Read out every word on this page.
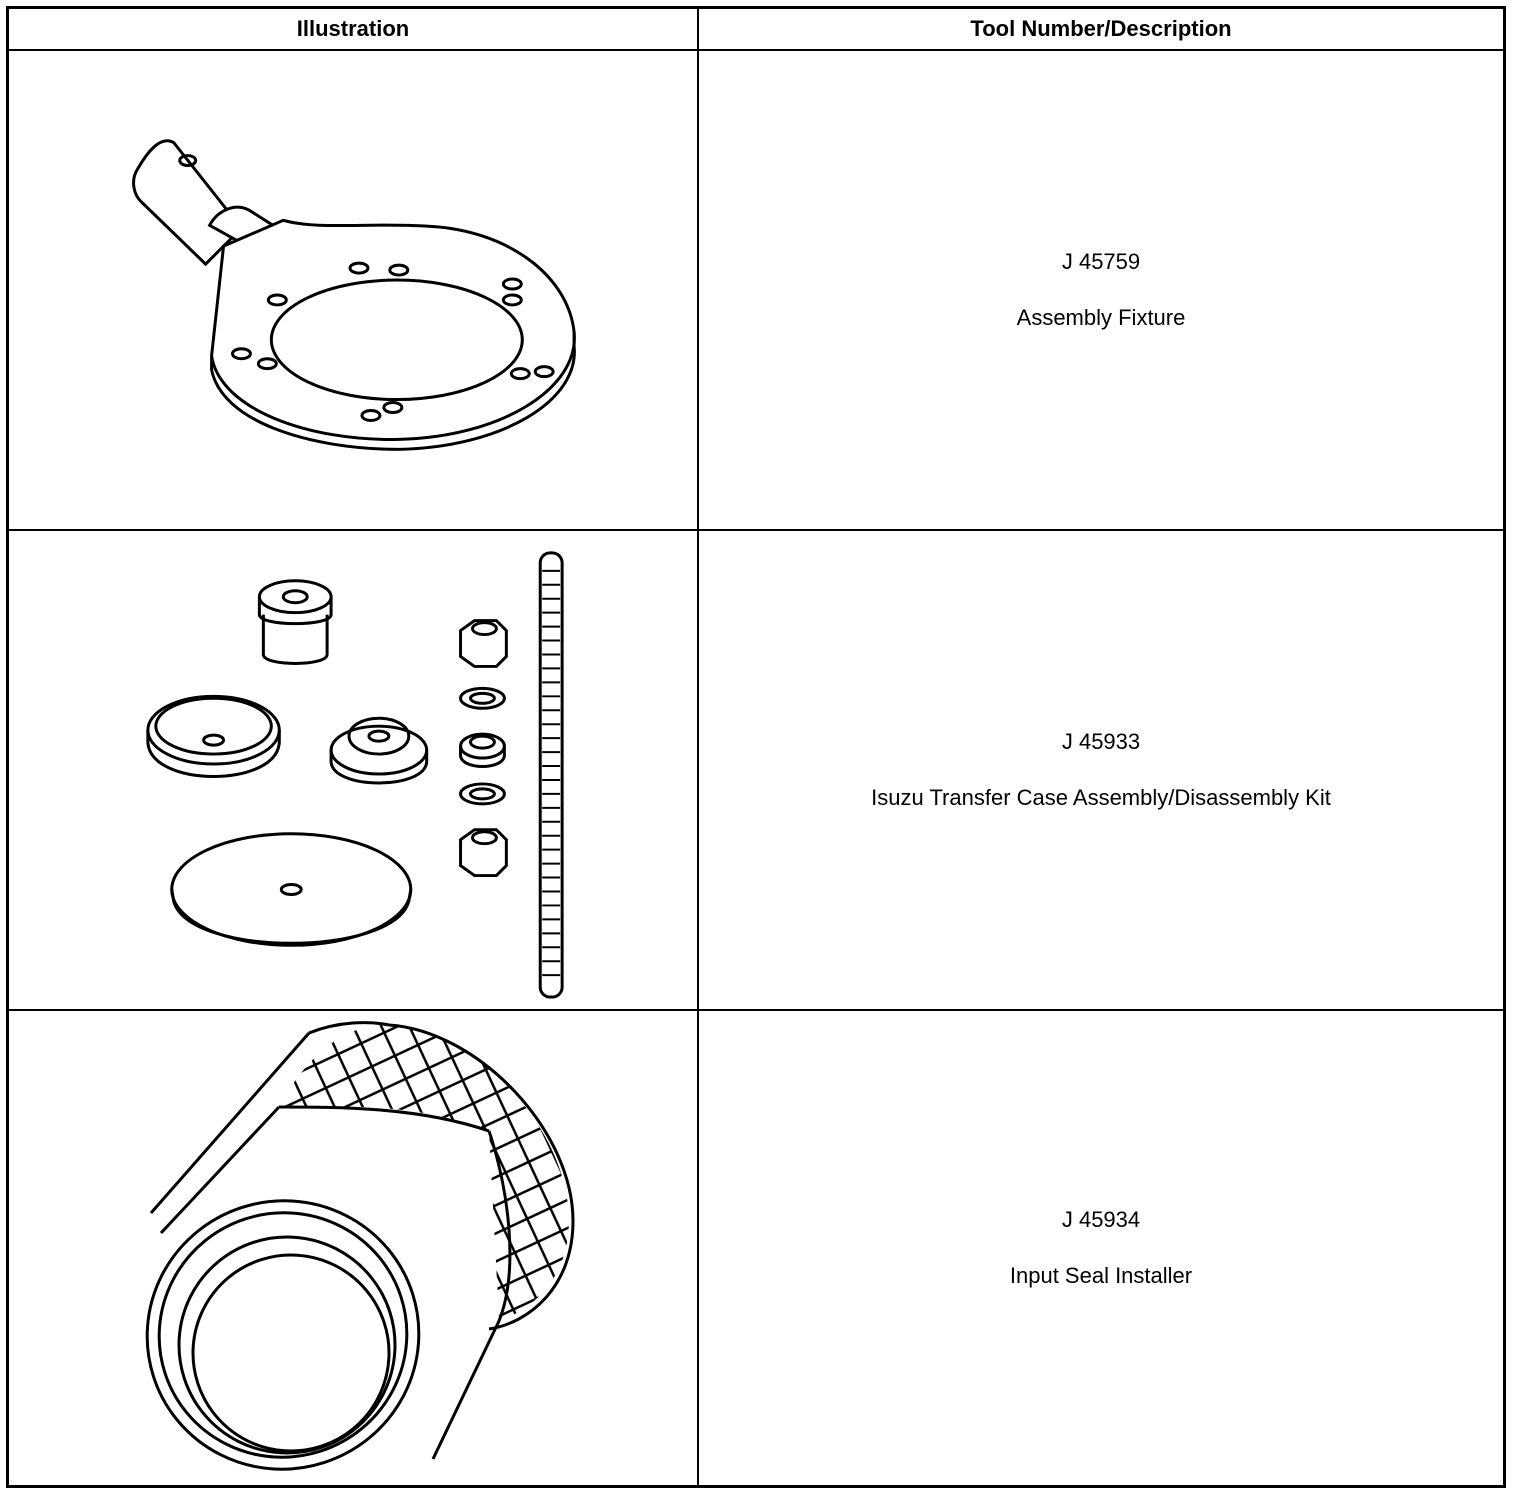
Illustration	Tool Number/Description
J 45759
Assembly Fixture
J 45933
Isuzu Transfer Case Assembly/Disassembly Kit
J 45934
Input Seal Installer
